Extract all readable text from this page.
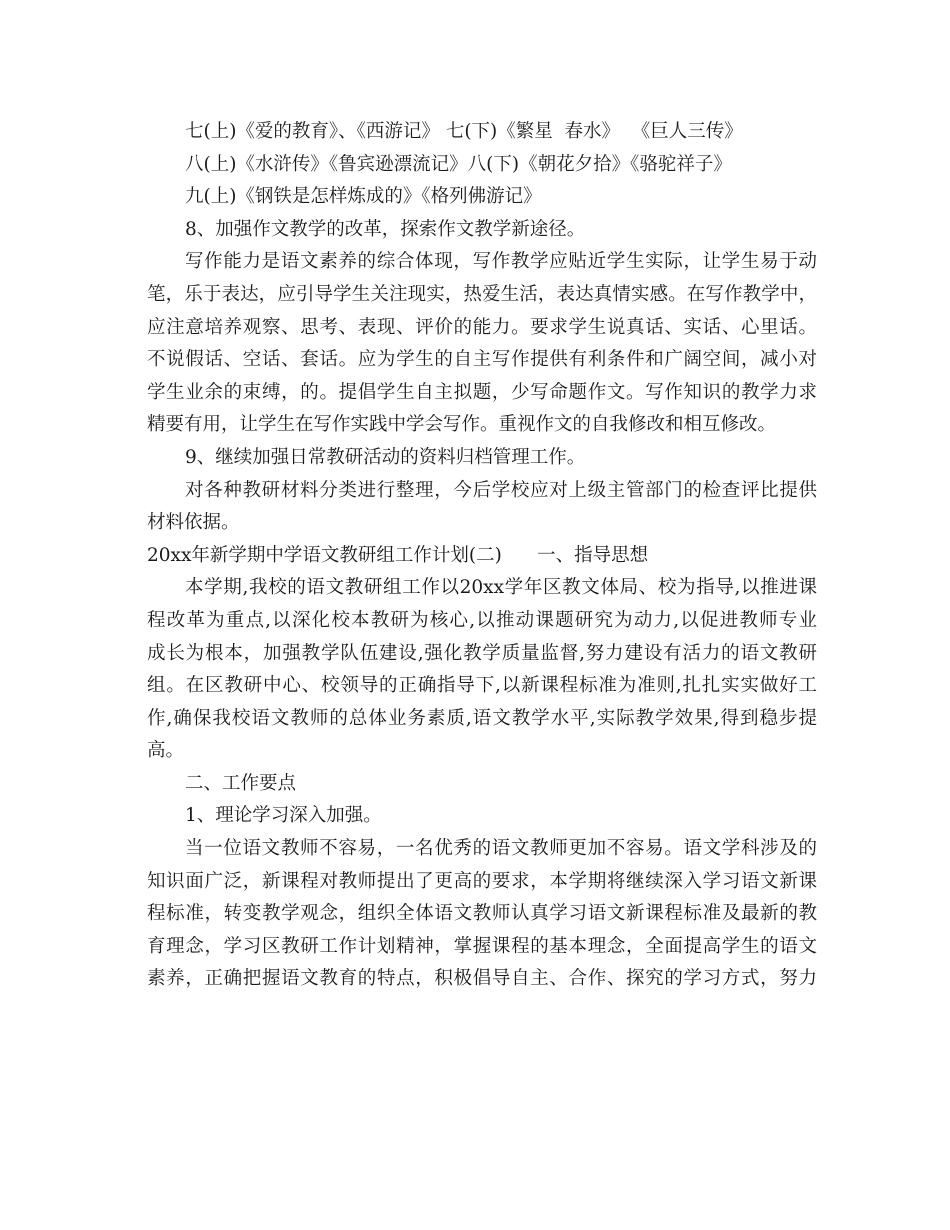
七(上)《爱的教育》、《西游记》 七(下)《繁星  春水》  《巨人三传》
八(上)《水浒传》《鲁宾逊漂流记》八(下)《朝花夕拾》《骆驼祥子》
九(上)《钢铁是怎样炼成的》《格列佛游记》
8、加强作文教学的改革，探索作文教学新途径。
写作能力是语文素养的综合体现，写作教学应贴近学生实际，让学生易于动
笔，乐于表达，应引导学生关注现实，热爱生活，表达真情实感。在写作教学中，
应注意培养观察、思考、表现、评价的能力。要求学生说真话、实话、心里话。
不说假话、空话、套话。应为学生的自主写作提供有利条件和广阔空间，减小对
学生业余的束缚，的。提倡学生自主拟题，少写命题作文。写作知识的教学力求
精要有用，让学生在写作实践中学会写作。重视作文的自我修改和相互修改。
9、继续加强日常教研活动的资料归档管理工作。
对各种教研材料分类进行整理，今后学校应对上级主管部门的检查评比提供
材料依据。
20xx年新学期中学语文教研组工作计划(二)      一、指导思想
本学期,我校的语文教研组工作以20xx学年区教文体局、校为指导,以推进课
程改革为重点,以深化校本教研为核心,以推动课题研究为动力,以促进教师专业
成长为根本，加强教学队伍建设,强化教学质量监督,努力建设有活力的语文教研
组。在区教研中心、校领导的正确指导下,以新课程标准为准则,扎扎实实做好工
作,确保我校语文教师的总体业务素质,语文教学水平,实际教学效果,得到稳步提
高。
二、工作要点
1、理论学习深入加强。
当一位语文教师不容易，一名优秀的语文教师更加不容易。语文学科涉及的
知识面广泛，新课程对教师提出了更高的要求，本学期将继续深入学习语文新课
程标准，转变教学观念，组织全体语文教师认真学习语文新课程标准及最新的教
育理念，学习区教研工作计划精神，掌握课程的基本理念，全面提高学生的语文
素养，正确把握语文教育的特点，积极倡导自主、合作、探究的学习方式，努力
